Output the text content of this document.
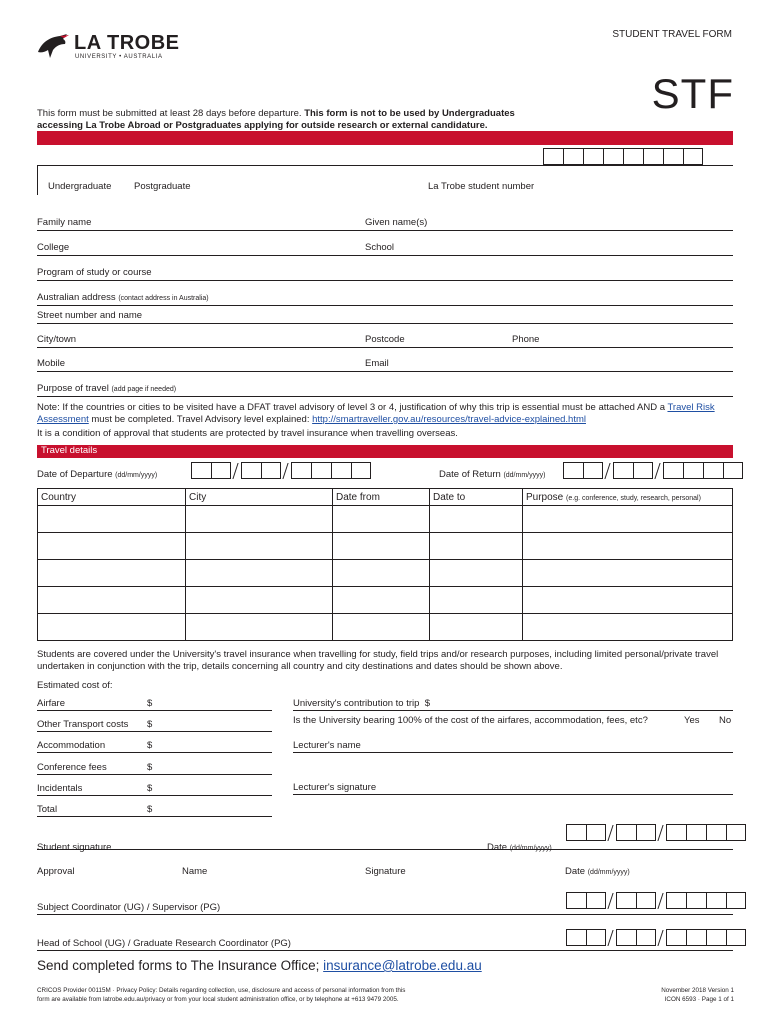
LA TROBE
UNIVERSITY • AUSTRALIA
STUDENT TRAVEL FORM
STF
This form must be submitted at least 28 days before departure. This form is not to be used by Undergraduates accessing La Trobe Abroad or Postgraduates applying for outside research or external candidature.
Undergraduate Postgraduate	La Trobe student number
Family name	Given name(s)
College	School
Program of study or course
Australian address (contact address in Australia)
Street number and name
City/town	Postcode	Phone
Mobile	Email
Purpose of travel (add page if needed)
Note: If the countries or cities to be visited have a DFAT travel advisory of level 3 or 4, justification of why this trip is essential must be attached AND a Travel Risk Assessment must be completed. Travel Advisory level explained: http://smartraveller.gov.au/resources/travel-advice-explained.html
It is a condition of approval that students are protected by travel insurance when travelling overseas.
Travel details
Date of Departure (dd/mm/yyyy)	Date of Return (dd/mm/yyyy)
Country	City	Date from	Date to	Purpose (e.g. conference, study, research, personal)

Students are covered under the University's travel insurance when travelling for study, field trips and/or research purposes, including limited personal/private travel undertaken in conjunction with the trip, details concerning all country and city destinations and dates should be shown above.
Estimated cost of:
Airfare	$
Other Transport costs $
Accommodation	$
Conference fees	$
Incidentals	$
Total	$
University's contribution to trip $
Is the University bearing 100% of the cost of the airfares, accommodation, fees, etc?	Yes No
Lecturer's name
Lecturer's signature
Student signature	Date (dd/mm/yyyy)
Approval	Name	Signature	Date (dd/mm/yyyy)
Subject Coordinator (UG) / Supervisor (PG)
Head of School (UG) / Graduate Research Coordinator (PG)
Send completed forms to The Insurance Office; insurance@latrobe.edu.au
CRICOS Provider 00115M · Privacy Policy: Details regarding collection, use, disclosure and access of personal information from this
form are available from latrobe.edu.au/privacy or from your local student administration office, or by telephone at +613 9479 2005.
November 2018 Version 1
ICON 6593 · Page 1 of 1
